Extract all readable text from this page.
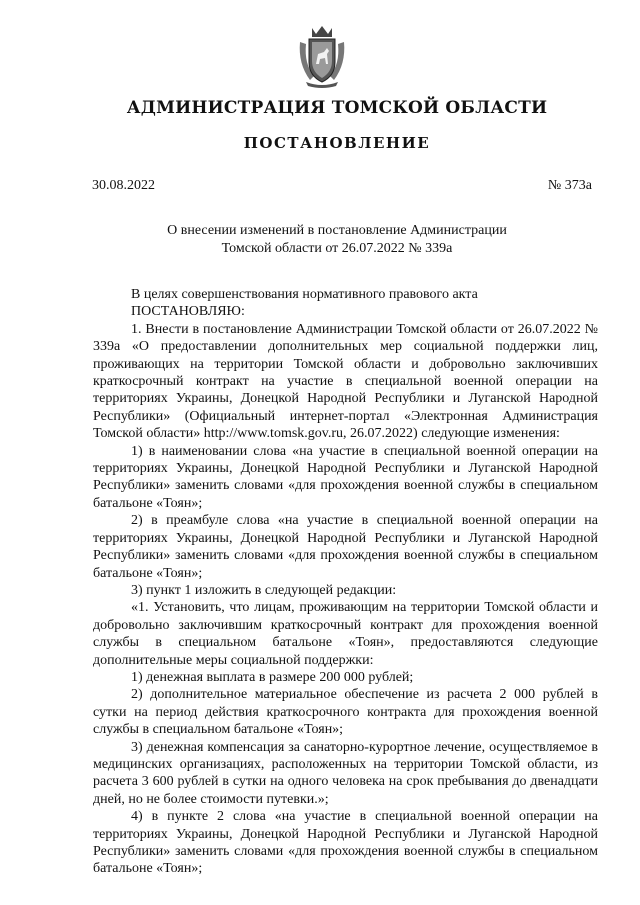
АДМИНИСТРАЦИЯ ТОМСКОЙ ОБЛАСТИ
ПОСТАНОВЛЕНИЕ
30.08.2022	№ 373а
О внесении изменений в постановление Администрации
Томской области от 26.07.2022 № 339а

В целях совершенствования нормативного правового акта

ПОСТАНОВЛЯЮ:

1. Внести в постановление Администрации Томской области от 26.07.2022 № 339а «О предоставлении дополнительных мер социальной поддержки лиц, проживающих на территории Томской области и добровольно заключивших краткосрочный контракт на участие в специальной военной операции на территориях Украины, Донецкой Народной Республики и Луганской Народной Республики» (Официальный интернет-портал «Электронная Администрация Томской области» http://www.tomsk.gov.ru, 26.07.2022) следующие изменения:

1) в наименовании слова «на участие в специальной военной операции на территориях Украины, Донецкой Народной Республики и Луганской Народной Республики» заменить словами «для прохождения военной службы в специальном батальоне «Тоян»;

2) в преамбуле слова «на участие в специальной военной операции на территориях Украины, Донецкой Народной Республики и Луганской Народной Республики» заменить словами «для прохождения военной службы в специальном батальоне «Тоян»;

3) пункт 1 изложить в следующей редакции:

«1. Установить, что лицам, проживающим на территории Томской области и добровольно заключившим краткосрочный контракт для прохождения военной службы в специальном батальоне «Тоян», предоставляются следующие дополнительные меры социальной поддержки:

1) денежная выплата в размере 200 000 рублей;

2) дополнительное материальное обеспечение из расчета 2 000 рублей в сутки на период действия краткосрочного контракта для прохождения военной службы в специальном батальоне «Тоян»;

3) денежная компенсация за санаторно-курортное лечение, осуществляемое в медицинских организациях, расположенных на территории Томской области, из расчета 3 600 рублей в сутки на одного человека на срок пребывания до двенадцати дней, но не более стоимости путевки.»;

4) в пункте 2 слова «на участие в специальной военной операции на территориях Украины, Донецкой Народной Республики и Луганской Народной Республики» заменить словами «для прохождения военной службы в специальном батальоне «Тоян»;
